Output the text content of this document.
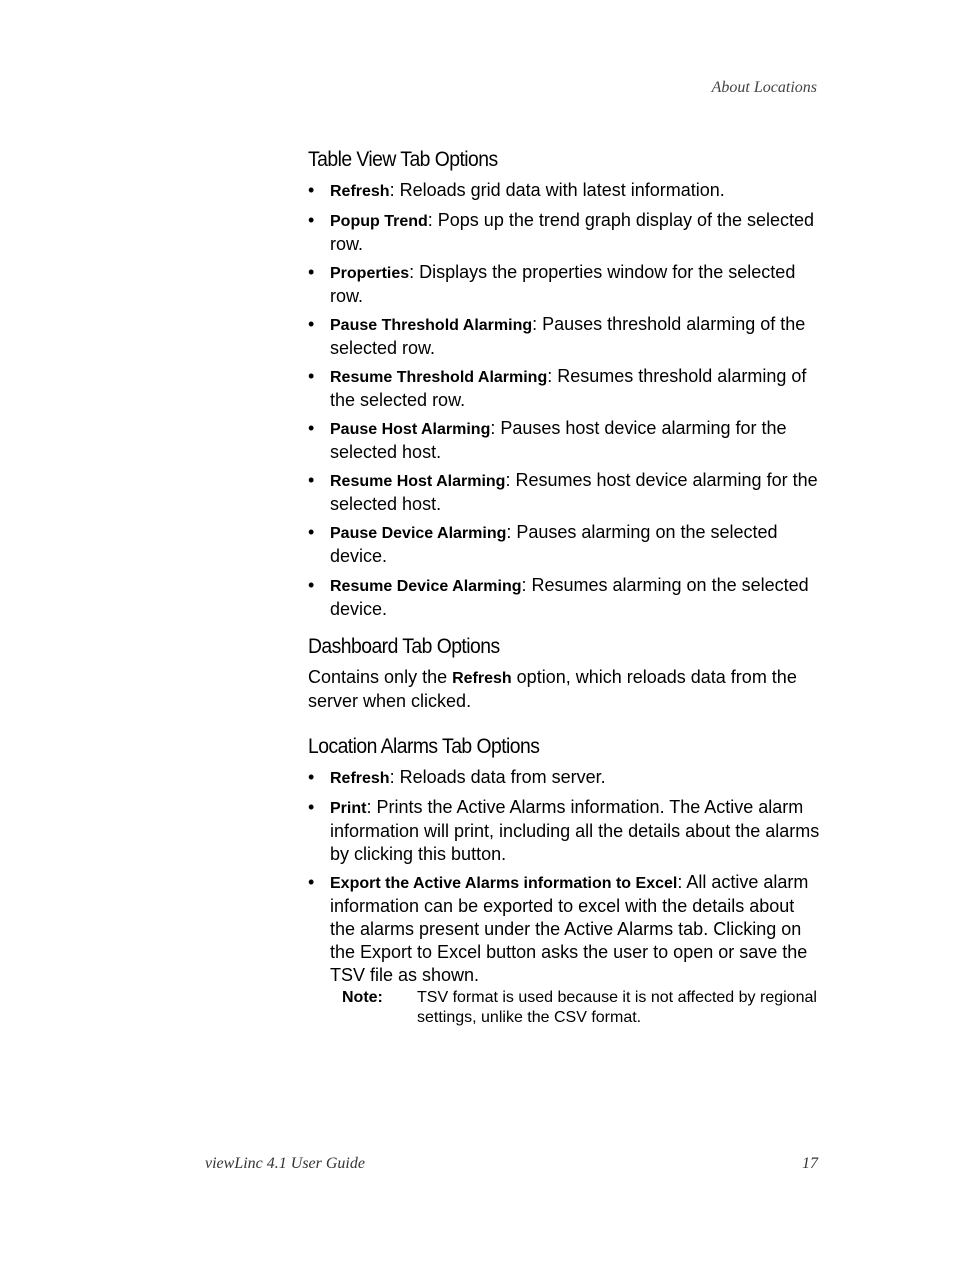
About Locations
Table View Tab Options
• Refresh: Reloads grid data with latest information.
• Popup Trend: Pops up the trend graph display of the selected row.
• Properties: Displays the properties window for the selected row.
• Pause Threshold Alarming: Pauses threshold alarming of the selected row.
• Resume Threshold Alarming: Resumes threshold alarming of the selected row.
• Pause Host Alarming: Pauses host device alarming for the selected host.
• Resume Host Alarming: Resumes host device alarming for the selected host.
• Pause Device Alarming: Pauses alarming on the selected device.
• Resume Device Alarming: Resumes alarming on the selected device.
Dashboard Tab Options

Contains only the Refresh option, which reloads data from the server when clicked.

Location Alarms Tab Options
• Refresh: Reloads data from server.
• Print: Prints the Active Alarms information. The Active alarm information will print, including all the details about the alarms by clicking this button.
• Export the Active Alarms information to Excel: All active alarm information can be exported to excel with the details about the alarms present under the Active Alarms tab. Clicking on the Export to Excel button asks the user to open or save the TSV file as shown.
Note: TSV format is used because it is not affected by regional settings, unlike the CSV format.
viewLinc 4.1 User Guide	17
